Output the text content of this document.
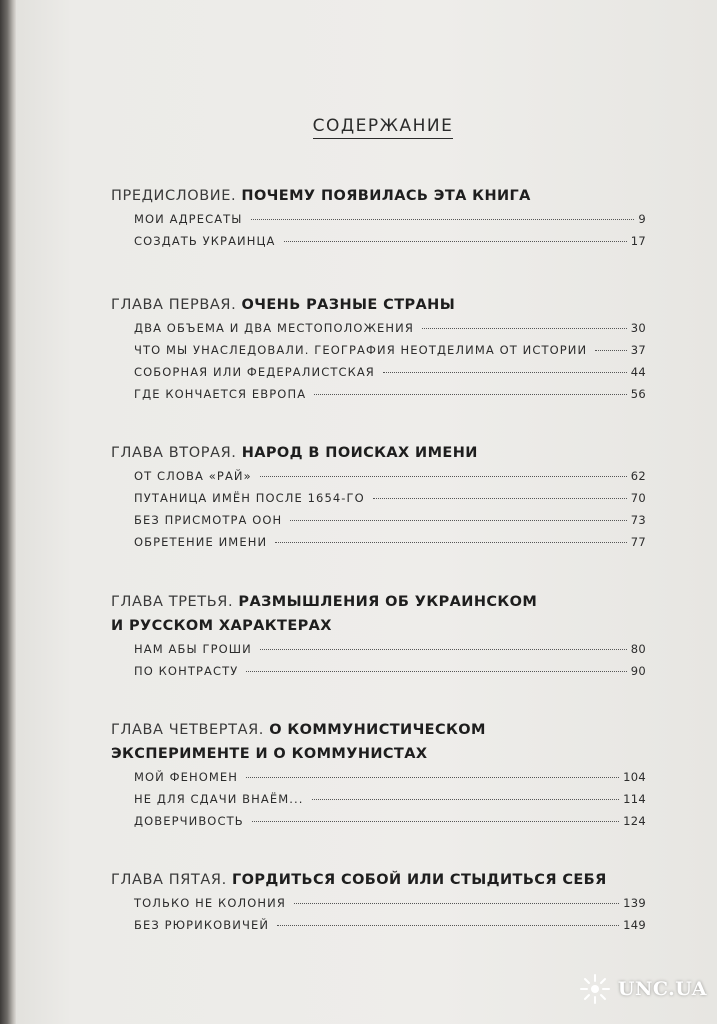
СОДЕРЖАНИЕ
ПРЕДИСЛОВИЕ. ПОЧЕМУ ПОЯВИЛАСЬ ЭТА КНИГА
МОИ АДРЕСАТЫ	9
СОЗДАТЬ УКРАИНЦА	17
ГЛАВА ПЕРВАЯ. ОЧЕНЬ РАЗНЫЕ СТРАНЫ
ДВА ОБЪЕМА И ДВА МЕСТОПОЛОЖЕНИЯ	30
ЧТО МЫ УНАСЛЕДОВАЛИ. ГЕОГРАФИЯ НЕОТДЕЛИМА ОТ ИСТОРИИ	37
СОБОРНАЯ ИЛИ ФЕДЕРАЛИСТСКАЯ	44
ГДЕ КОНЧАЕТСЯ ЕВРОПА	56
ГЛАВА ВТОРАЯ. НАРОД В ПОИСКАХ ИМЕНИ
ОТ СЛОВА «РАЙ»	62
ПУТАНИЦА ИМЁН ПОСЛЕ 1654-ГО	70
БЕЗ ПРИСМОТРА ООН	73
ОБРЕТЕНИЕ ИМЕНИ	77
ГЛАВА ТРЕТЬЯ. РАЗМЫШЛЕНИЯ ОБ УКРАИНСКОМ
И РУССКОМ ХАРАКТЕРАХ
НАМ АБЫ ГРОШИ	80
ПО КОНТРАСТУ	90
ГЛАВА ЧЕТВЕРТАЯ. О КОММУНИСТИЧЕСКОМ
ЭКСПЕРИМЕНТЕ И О КОММУНИСТАХ
МОЙ ФЕНОМЕН	104
НЕ ДЛЯ СДАЧИ ВНАЁМ...	114
ДОВЕРЧИВОСТЬ	124
ГЛАВА ПЯТАЯ. ГОРДИТЬСЯ СОБОЙ ИЛИ СТЫДИТЬСЯ СЕБЯ
ТОЛЬКО НЕ КОЛОНИЯ	139
БЕЗ РЮРИКОВИЧЕЙ	149
UNC.UA
